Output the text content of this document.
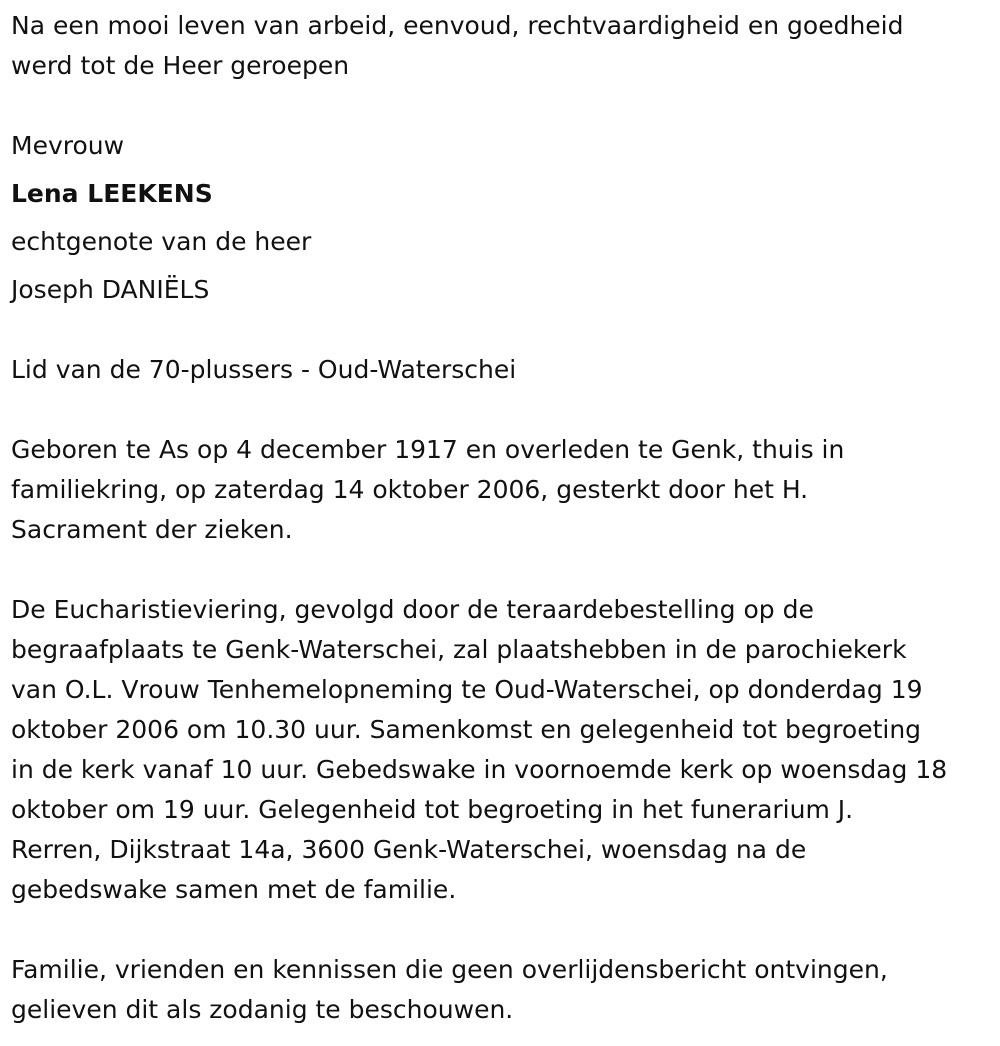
Na een mooi leven van arbeid, eenvoud, rechtvaardigheid en goedheid
werd tot de Heer geroepen
Mevrouw
Lena LEEKENS
echtgenote van de heer
Joseph DANIËLS
Lid van de 70-plussers - Oud-Waterschei
Geboren te As op 4 december 1917 en overleden te Genk, thuis in
familiekring, op zaterdag 14 oktober 2006, gesterkt door het H.
Sacrament der zieken.
De Eucharistieviering, gevolgd door de teraardebestelling op de
begraafplaats te Genk-Waterschei, zal plaatshebben in de parochiekerk
van O.L. Vrouw Tenhemelopneming te Oud-Waterschei, op donderdag 19
oktober 2006 om 10.30 uur. Samenkomst en gelegenheid tot begroeting
in de kerk vanaf 10 uur. Gebedswake in voornoemde kerk op woensdag 18
oktober om 19 uur. Gelegenheid tot begroeting in het funerarium J.
Rerren, Dijkstraat 14a, 3600 Genk-Waterschei, woensdag na de
gebedswake samen met de familie.
Familie, vrienden en kennissen die geen overlijdensbericht ontvingen,
gelieven dit als zodanig te beschouwen.
